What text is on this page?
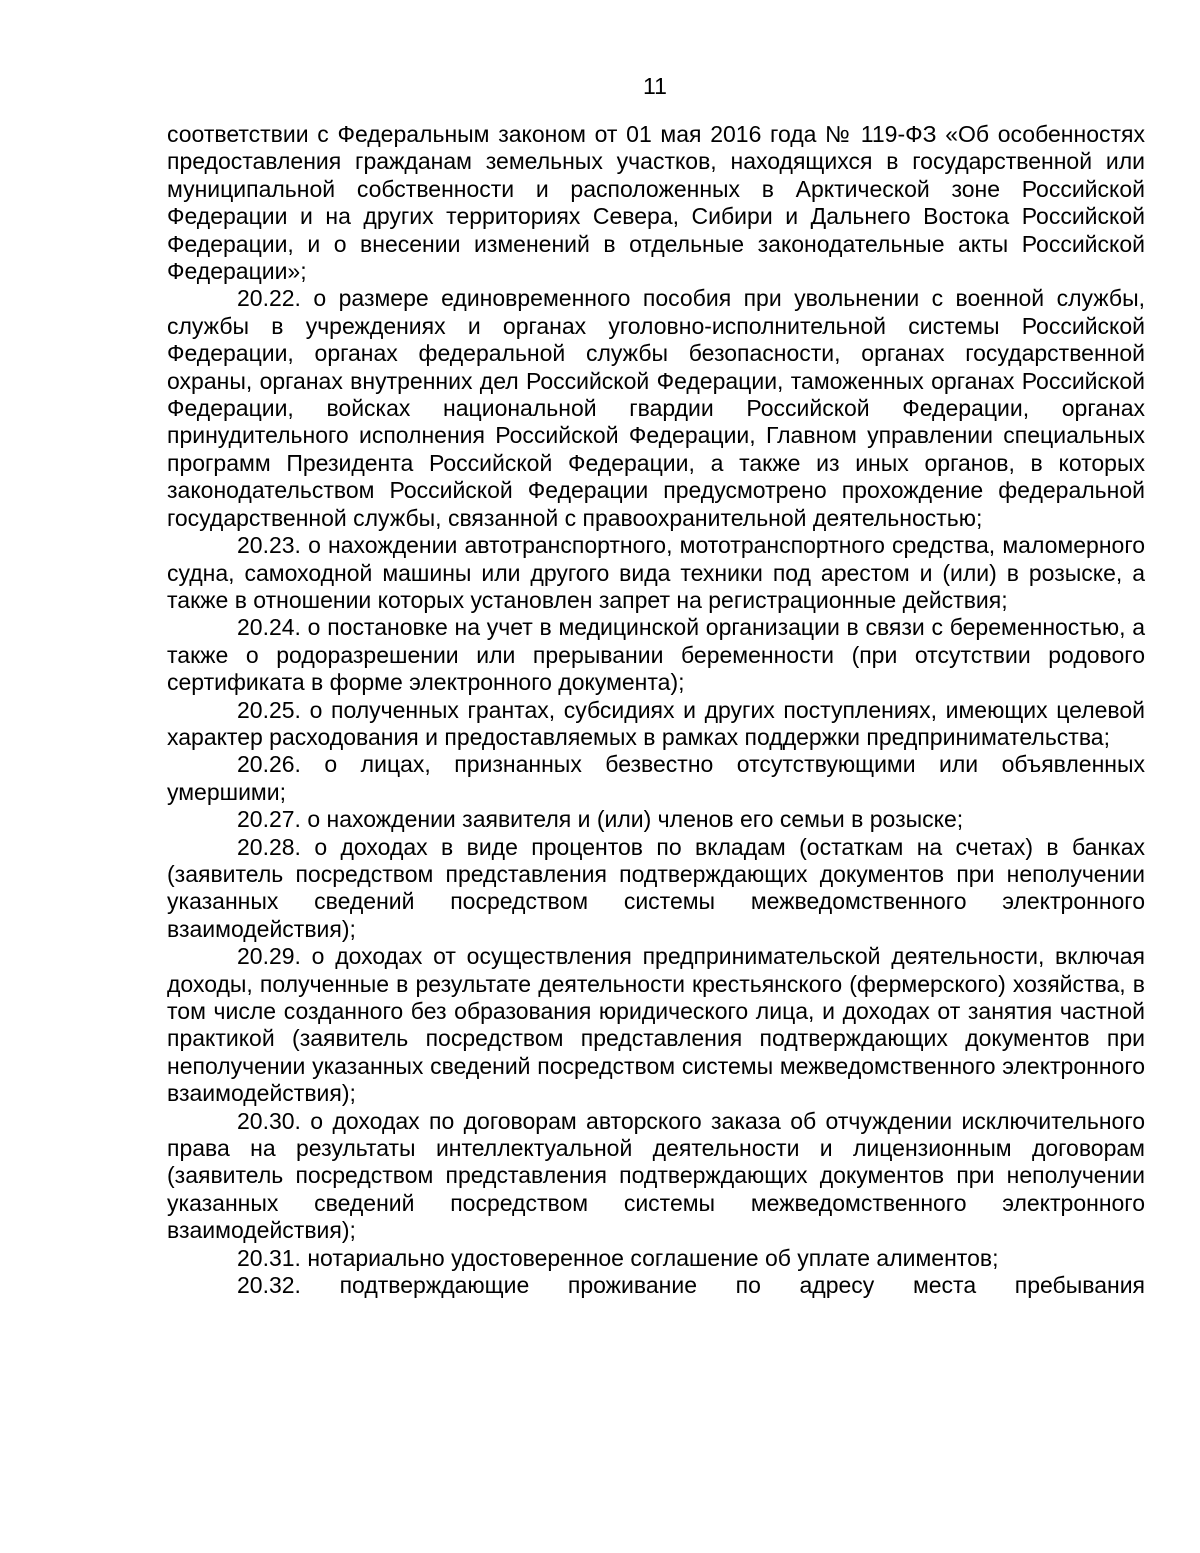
11

соответствии с Федеральным законом от 01 мая 2016 года № 119-ФЗ «Об особенностях предоставления гражданам земельных участков, находящихся в государственной или муниципальной собственности и расположенных в Арктической зоне Российской Федерации и на других территориях Севера, Сибири и Дальнего Востока Российской Федерации, и о внесении изменений в отдельные законодательные акты Российской Федерации»;

20.22. о размере единовременного пособия при увольнении с военной службы, службы в учреждениях и органах уголовно-исполнительной системы Российской Федерации, органах федеральной службы безопасности, органах государственной охраны, органах внутренних дел Российской Федерации, таможенных органах Российской Федерации, войсках национальной гвардии Российской Федерации, органах принудительного исполнения Российской Федерации, Главном управлении специальных программ Президента Российской Федерации, а также из иных органов, в которых законодательством Российской Федерации предусмотрено прохождение федеральной государственной службы, связанной с правоохранительной деятельностью;

20.23. о нахождении автотранспортного, мототранспортного средства, маломерного судна, самоходной машины или другого вида техники под арестом и (или) в розыске, а также в отношении которых установлен запрет на регистрационные действия;

20.24. о постановке на учет в медицинской организации в связи с беременностью, а также о родоразрешении или прерывании беременности (при отсутствии родового сертификата в форме электронного документа);

20.25. о полученных грантах, субсидиях и других поступлениях, имеющих целевой характер расходования и предоставляемых в рамках поддержки предпринимательства;

20.26. о лицах, признанных безвестно отсутствующими или объявленных умершими;

20.27. о нахождении заявителя и (или) членов его семьи в розыске;

20.28. о доходах в виде процентов по вкладам (остаткам на счетах) в банках (заявитель посредством представления подтверждающих документов при неполучении указанных сведений посредством системы межведомственного электронного взаимодействия);

20.29. о доходах от осуществления предпринимательской деятельности, включая доходы, полученные в результате деятельности крестьянского (фермерского) хозяйства, в том числе созданного без образования юридического лица, и доходах от занятия частной практикой (заявитель посредством представления подтверждающих документов при неполучении указанных сведений посредством системы межведомственного электронного взаимодействия);

20.30. о доходах по договорам авторского заказа об отчуждении исключительного права на результаты интеллектуальной деятельности и лицензионным договорам (заявитель посредством представления подтверждающих документов при неполучении указанных сведений посредством системы межведомственного электронного взаимодействия);

20.31. нотариально удостоверенное соглашение об уплате алиментов;

20.32. подтверждающие проживание по адресу места пребывания
